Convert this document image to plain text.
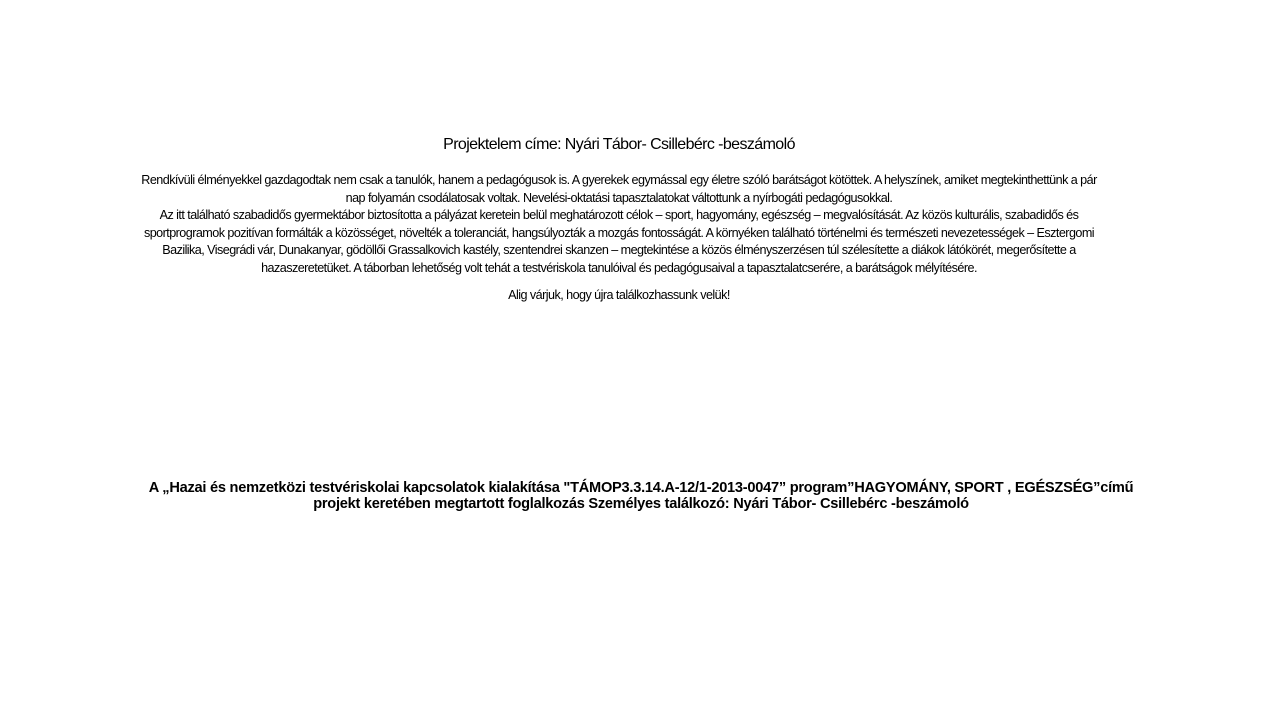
Projektelem címe: Nyári Tábor- Csillebérc -beszámoló

Rendkívüli élményekkel gazdagodtak nem csak a tanulók, hanem a pedagógusok is. A gyerekek egymással egy életre szóló barátságot kötöttek. A helyszínek, amiket megtekinthettünk a pár nap folyamán csodálatosak voltak. Nevelési-oktatási tapasztalatokat váltottunk a nyírbogáti pedagógusokkal.

Az itt található szabadidős gyermektábor biztosította a pályázat keretein belül meghatározott célok – sport, hagyomány, egészség – megvalósítását. Az közös kulturális, szabadidős és sportprogramok pozitívan formálták a közösséget, növelték a toleranciát, hangsúlyozták a mozgás fontosságát. A környéken található történelmi és természeti nevezetességek – Esztergomi Bazilika, Visegrádi vár, Dunakanyar, gödöllői Grassalkovich kastély, szentendrei skanzen – megtekintése a közös élményszerzésen túl szélesítette a diákok látókörét, megerősítette a hazaszeretetüket. A táborban lehetőség volt tehát a testvériskola tanulóival és pedagógusaival a tapasztalatcserére, a barátságok mélyítésére.

Alig várjuk, hogy újra találkozhassunk velük!

A „Hazai és nemzetközi testvériskolai kapcsolatok kialakítása "TÁMOP3.3.14.A-12/1-2013-0047” program”HAGYOMÁNY, SPORT , EGÉSZSÉG”című projekt keretében megtartott foglalkozás Személyes találkozó: Nyári Tábor- Csillebérc -beszámoló
